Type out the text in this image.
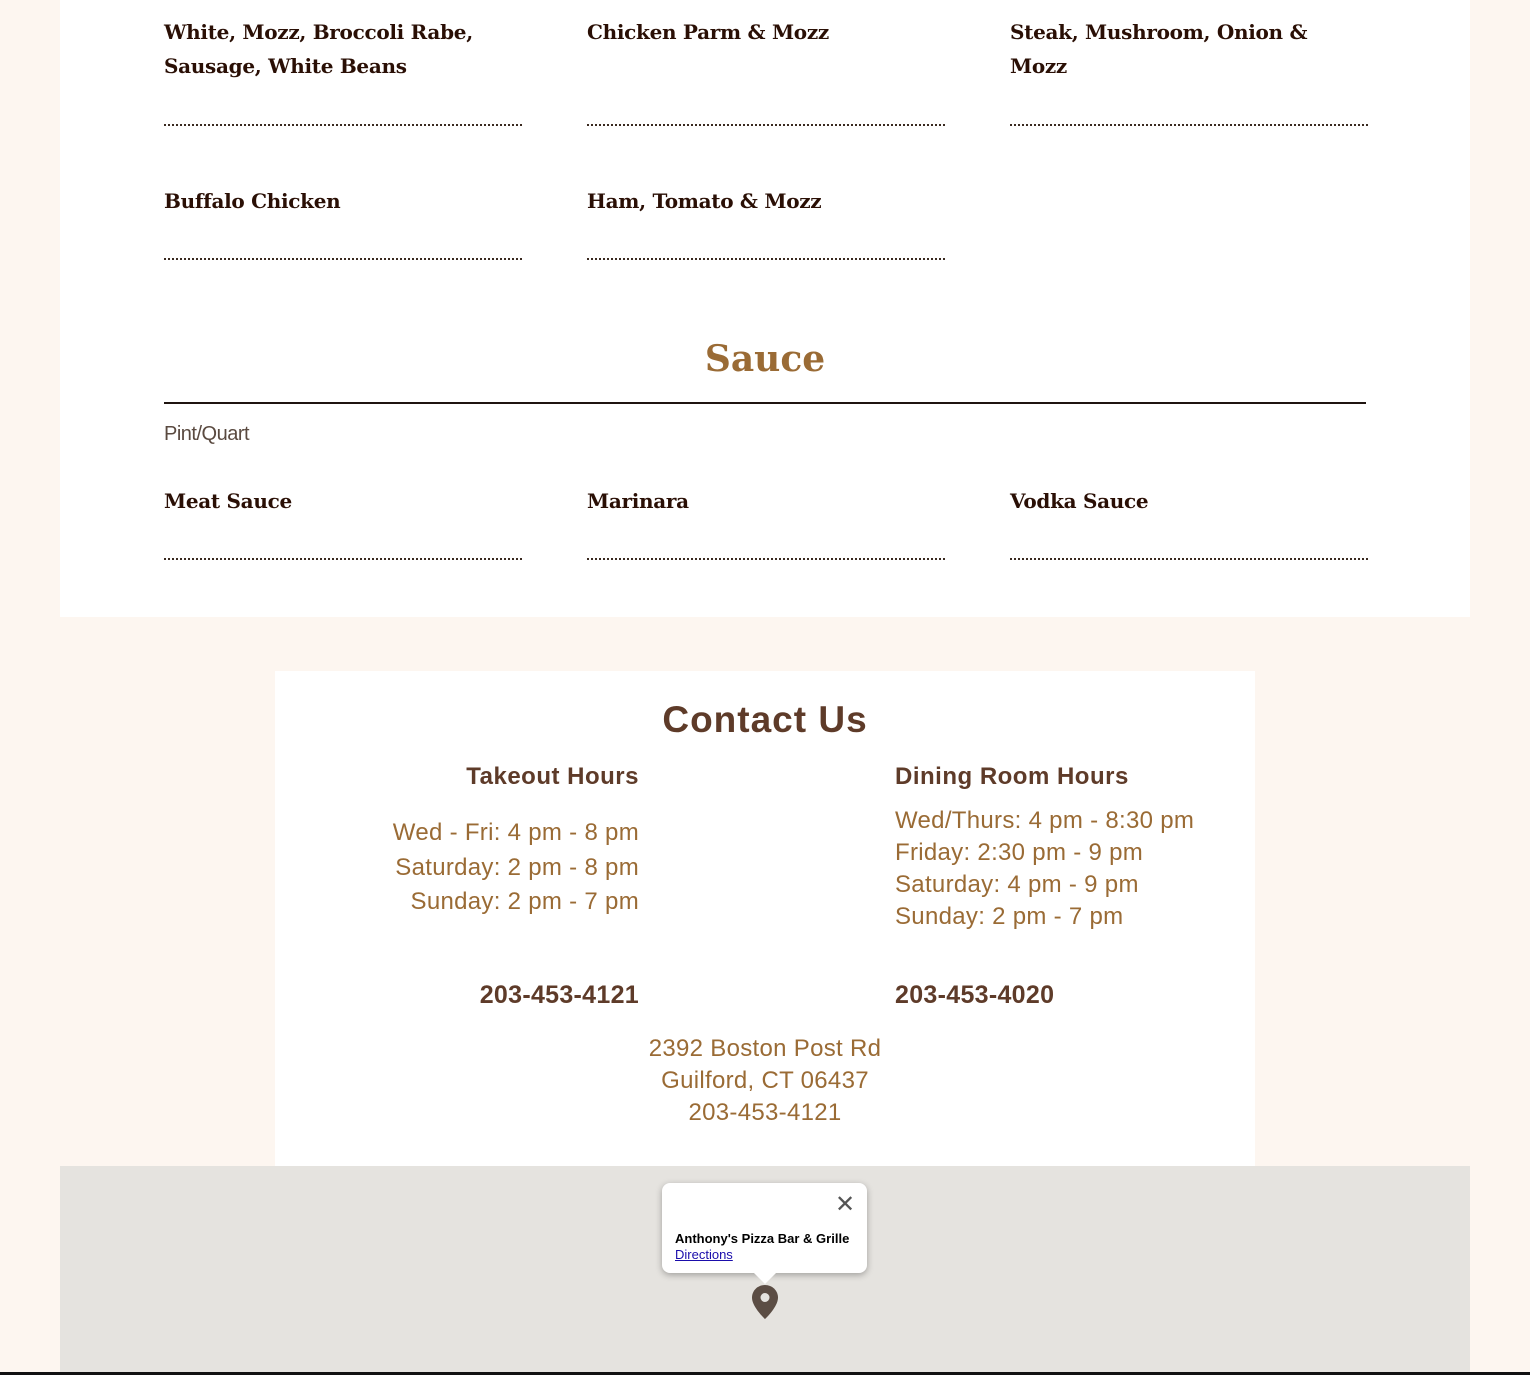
White, Mozz, Broccoli Rabe, Sausage, White Beans

Chicken Parm & Mozz	Steak, Mushroom, Onion & Mozz

Buffalo Chicken	Ham, Tomato & Mozz

Sauce

Pint/Quart

Meat Sauce	Marinara	Vodka Sauce

Contact Us
Takeout Hours
Wed - Fri: 4 pm - 8 pm
Saturday: 2 pm - 8 pm
Sunday: 2 pm - 7 pm
203-453-4121
Dining Room Hours
Wed/Thurs: 4 pm - 8:30 pm
Friday: 2:30 pm - 9 pm
Saturday: 4 pm - 9 pm
Sunday: 2 pm - 7 pm
203-453-4020
2392 Boston Post Rd
Guilford, CT 06437
203-453-4121
✕

Anthony's Pizza Bar & Grille

Directions
